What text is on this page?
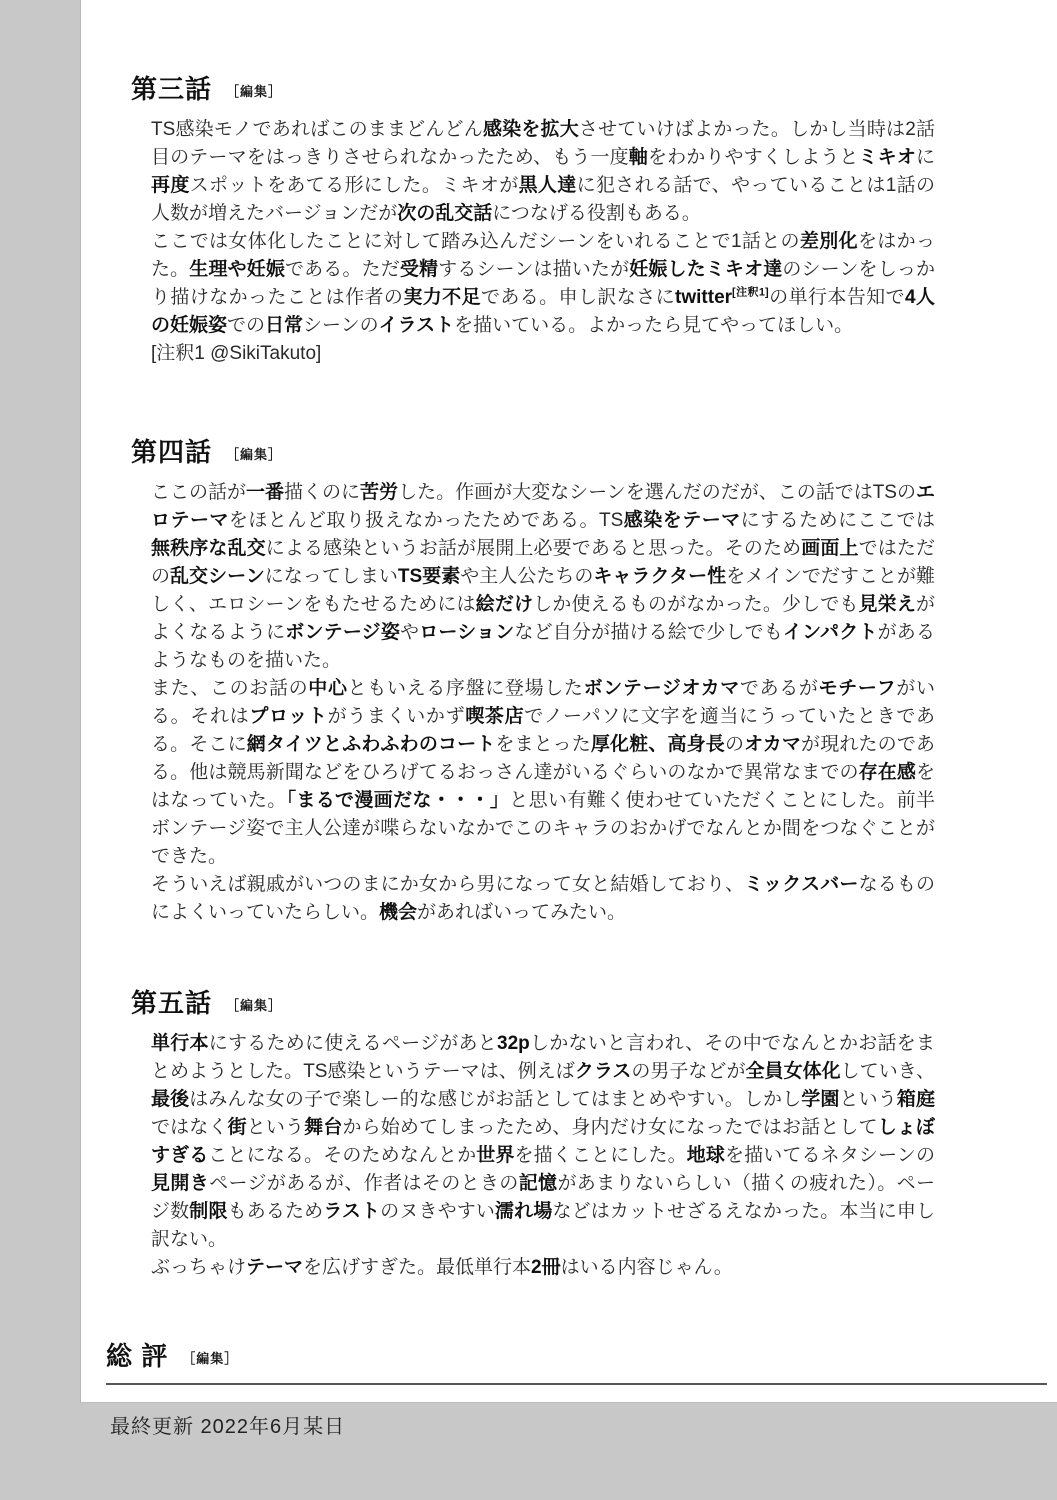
第三話 ［編集］

TS感染モノであればこのままどんどん感染を拡大させていけばよかった。しかし当時は2話目のテーマをはっきりさせられなかったため、もう一度軸をわかりやすくしようとミキオに再度スポットをあてる形にした。ミキオが黒人達に犯される話で、やっていることは1話の人数が増えたバージョンだが次の乱交話につなげる役割もある。

ここでは女体化したことに対して踏み込んだシーンをいれることで1話との差別化をはかった。生理や妊娠である。ただ受精するシーンは描いたが妊娠したミキオ達のシーンをしっかり描けなかったことは作者の実力不足である。申し訳なさにtwitter[注釈1]の単行本告知で4人の妊娠姿での日常シーンのイラストを描いている。よかったら見てやってほしい。

[注釈1 @SikiTakuto]

第四話 ［編集］

ここの話が一番描くのに苦労した。作画が大変なシーンを選んだのだが、この話ではTSのエロテーマをほとんど取り扱えなかったためである。TS感染をテーマにするためにここでは無秩序な乱交による感染というお話が展開上必要であると思った。そのため画面上ではただの乱交シーンになってしまいTS要素や主人公たちのキャラクター性をメインでだすことが難しく、エロシーンをもたせるためには絵だけしか使えるものがなかった。少しでも見栄えがよくなるようにボンテージ姿やローションなど自分が描ける絵で少しでもインパクトがあるようなものを描いた。

また、このお話の中心ともいえる序盤に登場したボンテージオカマであるがモチーフがいる。それはプロットがうまくいかず喫茶店でノーパソに文字を適当にうっていたときである。そこに網タイツとふわふわのコートをまとった厚化粧、高身長のオカマが現れたのである。他は競馬新聞などをひろげてるおっさん達がいるぐらいのなかで異常なまでの存在感をはなっていた。「まるで漫画だな・・・」と思い有難く使わせていただくことにした。前半ボンテージ姿で主人公達が喋らないなかでこのキャラのおかげでなんとか間をつなぐことができた。

そういえば親戚がいつのまにか女から男になって女と結婚しており、ミックスバーなるものによくいっていたらしい。機会があればいってみたい。

第五話 ［編集］

単行本にするために使えるページがあと32pしかないと言われ、その中でなんとかお話をまとめようとした。TS感染というテーマは、例えばクラスの男子などが全員女体化していき、最後はみんな女の子で楽しー的な感じがお話としてはまとめやすい。しかし学園という箱庭ではなく街という舞台から始めてしまったため、身内だけ女になったではお話としてしょぼすぎることになる。そのためなんとか世界を描くことにした。地球を描いてるネタシーンの見開きページがあるが、作者はそのときの記憶があまりないらしい（描くの疲れた）。ページ数制限もあるためラストのヌきやすい濡れ場などはカットせざるえなかった。本当に申し訳ない。

ぶっちゃけテーマを広げすぎた。最低単行本2冊はいる内容じゃん。

総 評 ［編集］
最終更新 2022年6月某日
